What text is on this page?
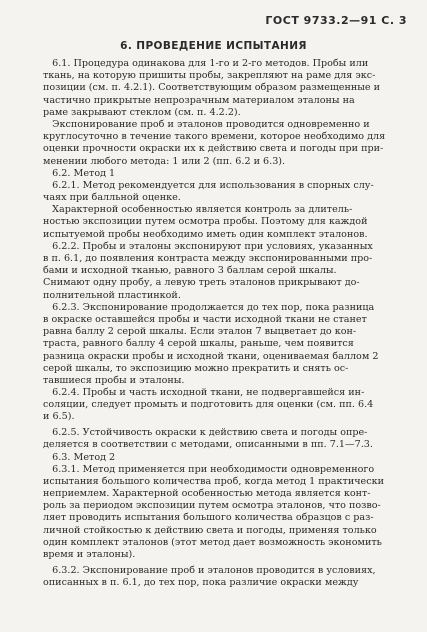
ГОСТ 9733.2—91 С. 3
6. ПРОВЕДЕНИЕ ИСПЫТАНИЯ
6.1. Процедура одинакова для 1-го и 2-го методов. Пробы или
ткань, на которую пришиты пробы, закрепляют на раме для экс-
позиции (см. п. 4.2.1). Соответствующим образом размещенные и
частично прикрытые непрозрачным материалом эталоны на
раме закрывают стеклом (см. п. 4.2.2).
Экспонирование проб и эталонов проводится одновременно и
круглосуточно в течение такого времени, которое необходимо для
оценки прочности окраски их к действию света и погоды при при-
менении любого метода: 1 или 2 (пп. 6.2 и 6.3).
6.2. Метод 1
6.2.1. Метод рекомендуется для использования в спорных слу-
чаях при балльной оценке.
Характерной особенностью является контроль за длитель-
ностью экспозиции путем осмотра пробы. Поэтому для каждой
испытуемой пробы необходимо иметь один комплект эталонов.
6.2.2. Пробы и эталоны экспонируют при условиях, указанных
в п. 6.1, до появления контраста между экспонированными про-
бами и исходной тканью, равного 3 баллам серой шкалы.
Снимают одну пробу, а левую треть эталонов прикрывают до-
полнительной пластинкой.
6.2.3. Экспонирование продолжается до тех пор, пока разница
в окраске оставшейся пробы и части исходной ткани не станет
равна баллу 2 серой шкалы. Если эталон 7 выцветает до кон-
траста, равного баллу 4 серой шкалы, раньше, чем появится
разница окраски пробы и исходной ткани, оцениваемая баллом 2
серой шкалы, то экспозицию можно прекратить и снять ос-
тавшиеся пробы и эталоны.
6.2.4. Пробы и часть исходной ткани, не подвергавшейся ин-
соляции, следует промыть и подготовить для оценки (см. пп. 6.4
и 6.5).
6.2.5. Устойчивость окраски к действию света и погоды опре-
деляется в соответствии с методами, описанными в пп. 7.1—7.3.
6.3. Метод 2
6.3.1. Метод применяется при необходимости одновременного
испытания большого количества проб, когда метод 1 практически
неприемлем. Характерной особенностью метода является конт-
роль за периодом экспозиции путем осмотра эталонов, что позво-
ляет проводить испытания большого количества образцов с раз-
личной стойкостью к действию света и погоды, применяя только
один комплект эталонов (этот метод дает возможность экономить
время и эталоны).
6.3.2. Экспонирование проб и эталонов проводится в условиях,
описанных в п. 6.1, до тех пор, пока различие окраски между
